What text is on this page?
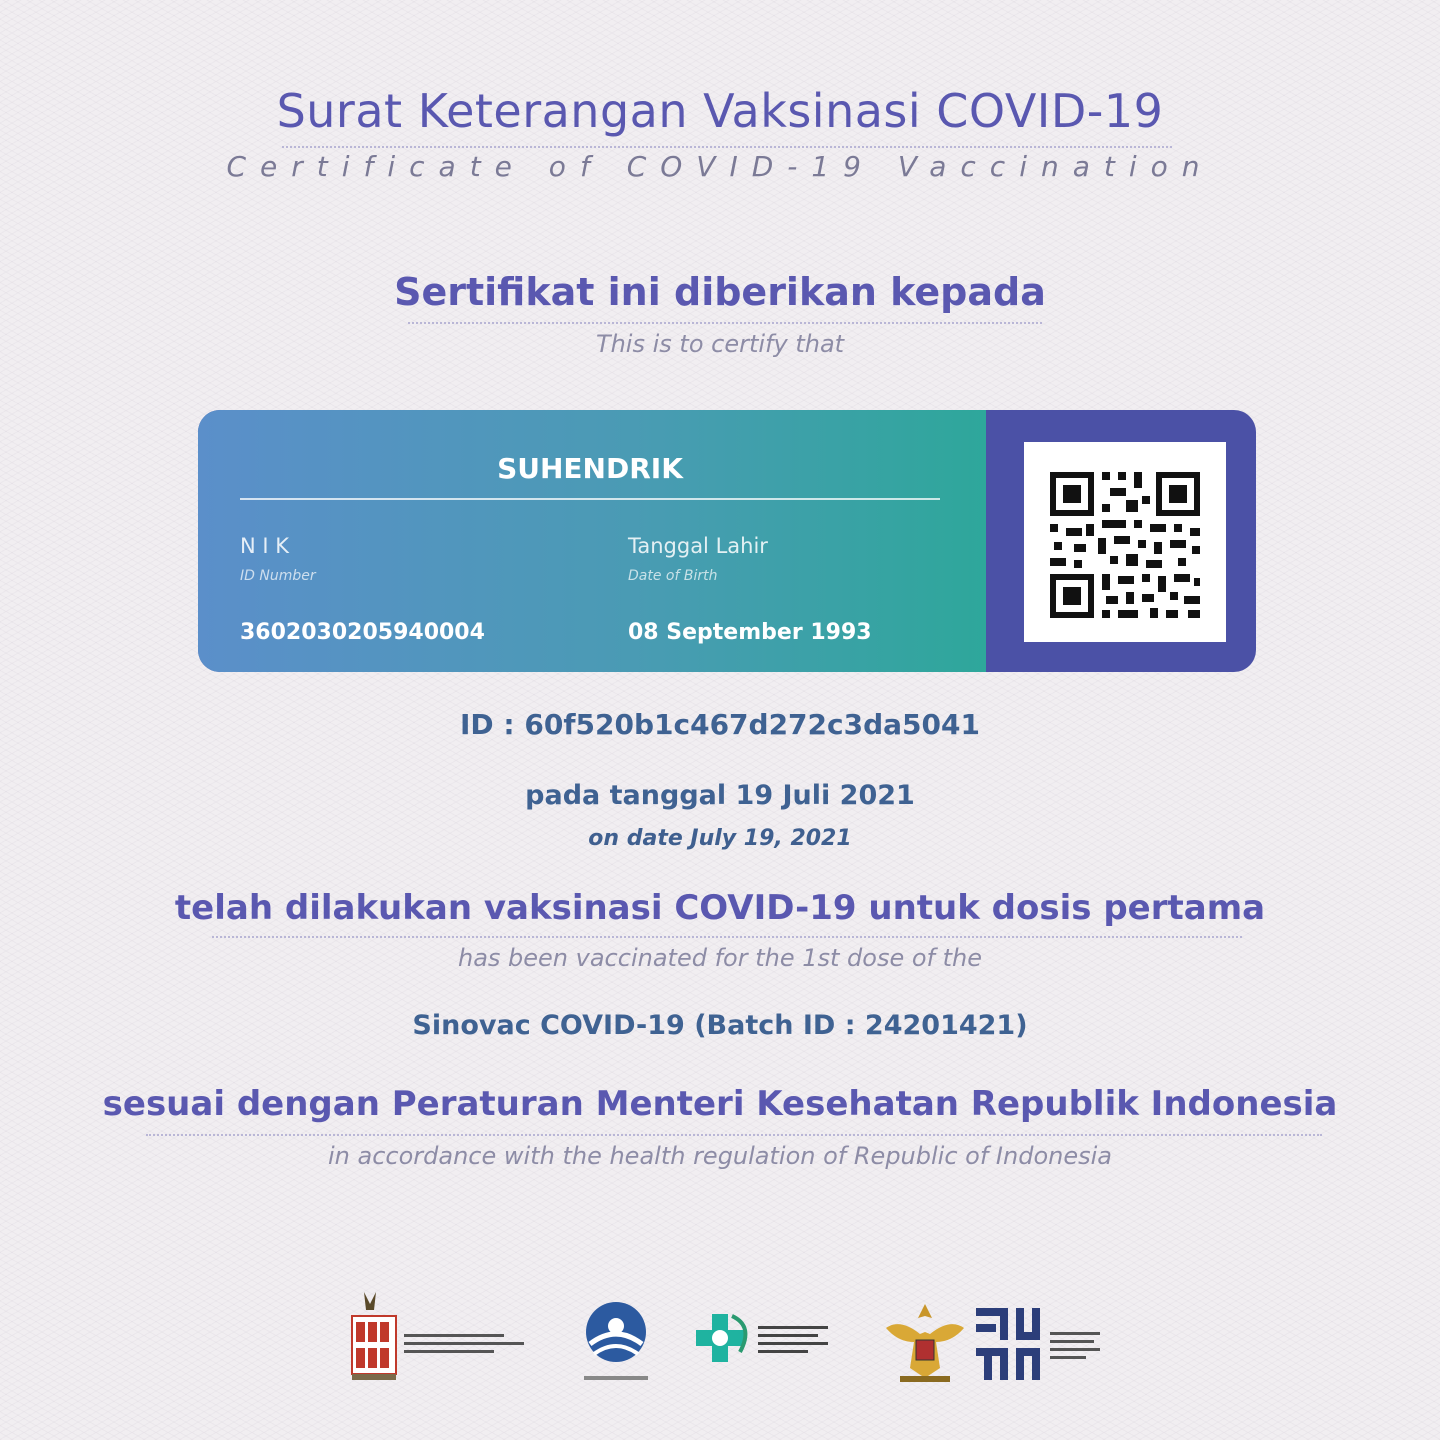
Surat Keterangan Vaksinasi COVID-19
Certificate of COVID-19 Vaccination
Sertifikat ini diberikan kepada
This is to certify that
SUHENDRIK
N I K
ID Number
3602030205940004
Tanggal Lahir
Date of Birth
08 September 1993
ID : 60f520b1c467d272c3da5041
pada tanggal 19 Juli 2021
on date July 19, 2021
telah dilakukan vaksinasi COVID-19 untuk dosis pertama
has been vaccinated for the 1st dose of the
Sinovac COVID-19 (Batch ID : 24201421)
sesuai dengan Peraturan Menteri Kesehatan Republik Indonesia
in accordance with the health regulation of Republic of Indonesia
